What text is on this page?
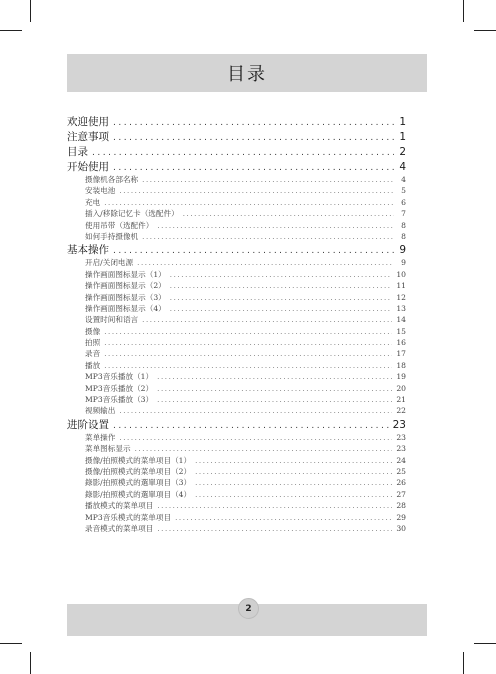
目录
欢迎使用 .....	1
注意事项 .....	1
目录 .....	2
开始使用 .....	4
摄像机各部名称 .....	4
安装电池 .....	5
充电 .....	6
插入/移除记忆卡（选配件） .....	7
使用吊带（选配件） .....	8
如何手持摄像机 .....	8
基本操作 .....	9
开启/关闭电源 .....	9
操作画面图标显示（1） .....	10
操作画面图标显示（2） .....	11
操作画面图标显示（3） .....	12
操作画面图标显示（4） .....	13
设置时间和语言 .....	14
摄像 .....	15
拍照 .....	16
录音 .....	17
播放 .....	18
MP3音乐播放（1） .....	19
MP3音乐播放（2） .....	20
MP3音乐播放（3） .....	21
视频输出 .....	22
进阶设置 .....	23
菜单操作 .....	23
菜单图标显示 .....	23
摄像/拍照模式的菜单项目（1） .....	24
摄像/拍照模式的菜单项目（2） .....	25
錄影/拍照模式的選單項目（3） .....	26
錄影/拍照模式的選單項目（4） .....	27
播放模式的菜单项目 .....	28
MP3音乐模式的菜单项目 .....	29
录音模式的菜单项目 .....	30
2
